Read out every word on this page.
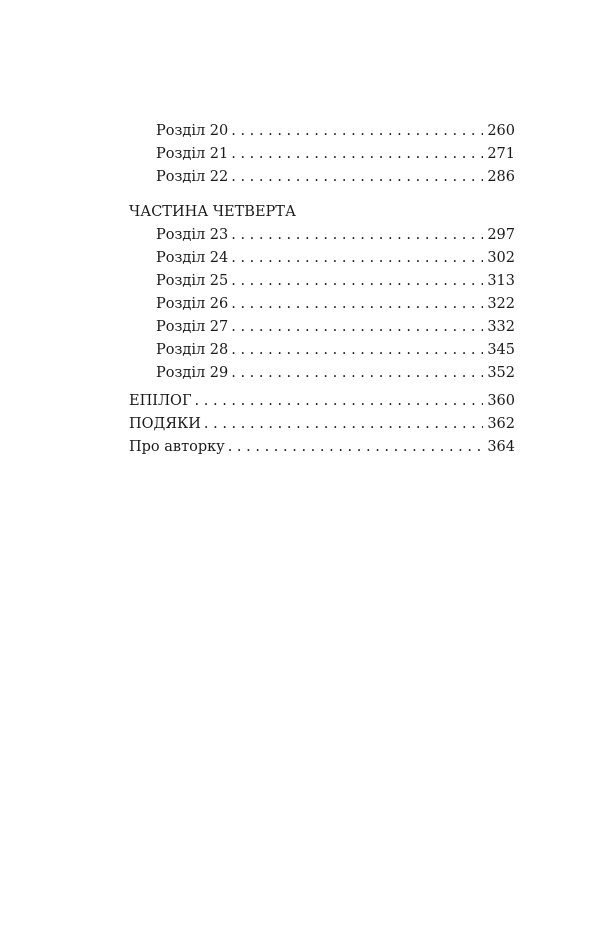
Розділ 20 . . .	260
Розділ 21 . . .	271
Розділ 22 . . .	286
ЧАСТИНА ЧЕТВЕРТА
Розділ 23 . . .	297
Розділ 24 . . .	302
Розділ 25 . . .	313
Розділ 26 . . .	322
Розділ 27 . . .	332
Розділ 28 . . .	345
Розділ 29 . . .	352
ЕПІЛОГ . . .	360
ПОДЯКИ . . .	362
Про авторку . . .	364
